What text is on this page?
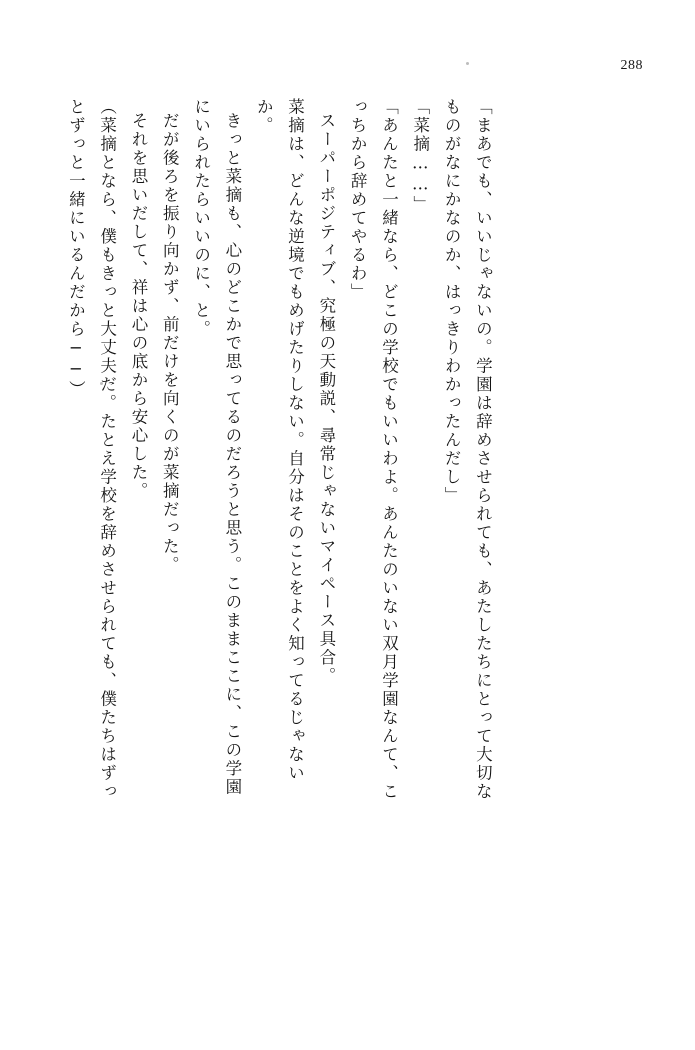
288
とずっと一緒にいるんだから──） （菜摘となら、僕もきっと大丈夫だ。たとえ学校を辞めさせられても、僕たちはずっ それを思いだして、祥は心の底から安心した。 だが後ろを振り向かず、前だけを向くのが菜摘だった。 にいられたらいいのに、と。 きっと菜摘も、心のどこかで思ってるのだろうと思う。このままここに、この学園 か。 菜摘は、どんな逆境でもめげたりしない。自分はそのことをよく知ってるじゃない スーパーポジティブ、究極の天動説、尋常じゃないマイペース具合。 っちから辞めてやるわ」 「あんたと一緒なら、どこの学校でもいいわよ。あんたのいない双月学園なんて、こ 「菜摘……」 ものがなにかなのか、はっきりわかったんだし」 「まあでも、いいじゃないの。学園は辞めさせられても、あたしたちにとって大切な
